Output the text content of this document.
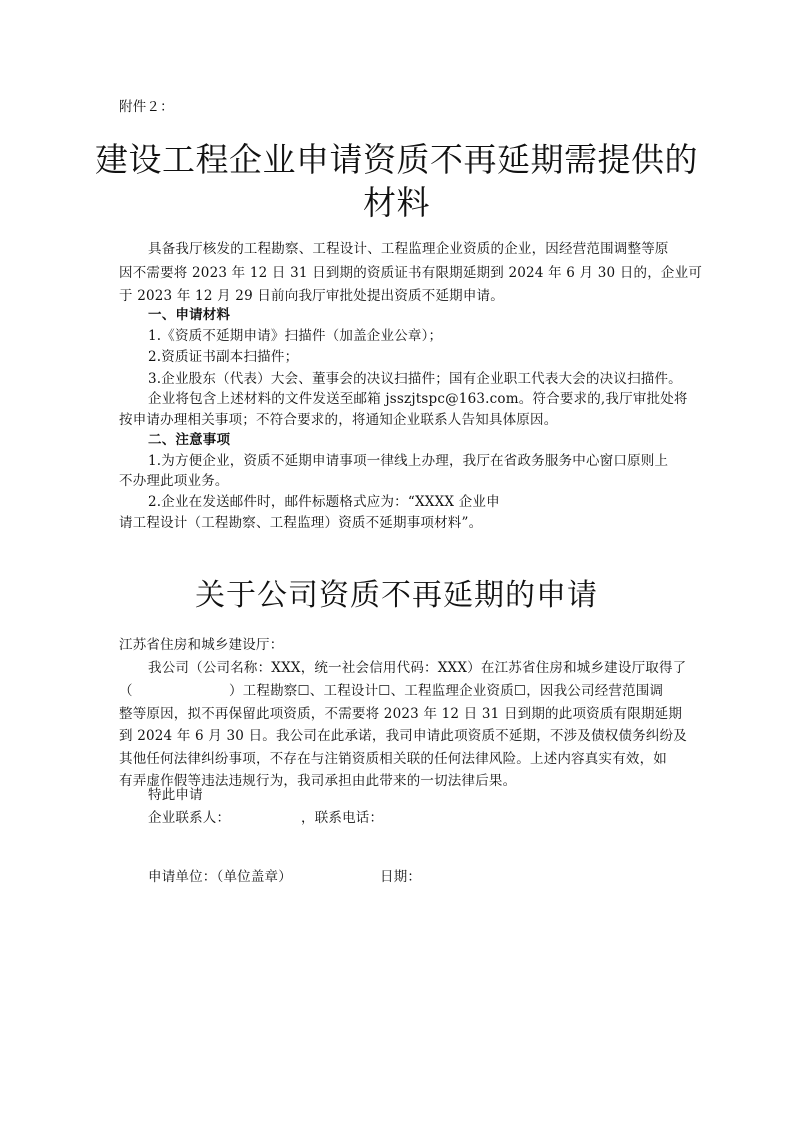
附件２：
建设工程企业申请资质不再延期需提供的
材料
具备我厅核发的工程勘察、工程设计、工程监理企业资质的企业，因经营范围调整等原
因不需要将 2023 年 12 日 31 日到期的资质证书有限期延期到 2024 年 6 月 30 日的，企业可
于 2023 年 12 月 29 日前向我厅审批处提出资质不延期申请。
一、申请材料
1.《资质不延期申请》扫描件（加盖企业公章）；
2.资质证书副本扫描件；
3.企业股东（代表）大会、董事会的决议扫描件；国有企业职工代表大会的决议扫描件。
企业将包含上述材料的文件发送至邮箱 jsszjtspc@163.com。符合要求的,我厅审批处将
按申请办理相关事项；不符合要求的，将通知企业联系人告知具体原因。
二、注意事项
1.为方便企业，资质不延期申请事项一律线上办理，我厅在省政务服务中心窗口原则上
不办理此项业务。
2.企业在发送邮件时，邮件标题格式应为：“XXXX 企业申
请工程设计（工程勘察、工程监理）资质不延期事项材料”。
关于公司资质不再延期的申请
江苏省住房和城乡建设厅：
我公司（公司名称：XXX，统一社会信用代码：XXX）在江苏省住房和城乡建设厅取得了
（	）工程勘察☐、工程设计☐、工程监理企业资质☐，因我公司经营范围调
整等原因，拟不再保留此项资质，不需要将 2023 年 12 日 31 日到期的此项资质有限期延期
到 2024 年 6 月 30 日。我公司在此承诺，我司申请此项资质不延期，不涉及债权债务纠纷及
其他任何法律纠纷事项，不存在与注销资质相关联的任何法律风险。上述内容真实有效，如
有弄虚作假等违法违规行为，我司承担由此带来的一切法律后果。
特此申请
企业联系人：	，联系电话：
申请单位：（单位盖章）	日期：
